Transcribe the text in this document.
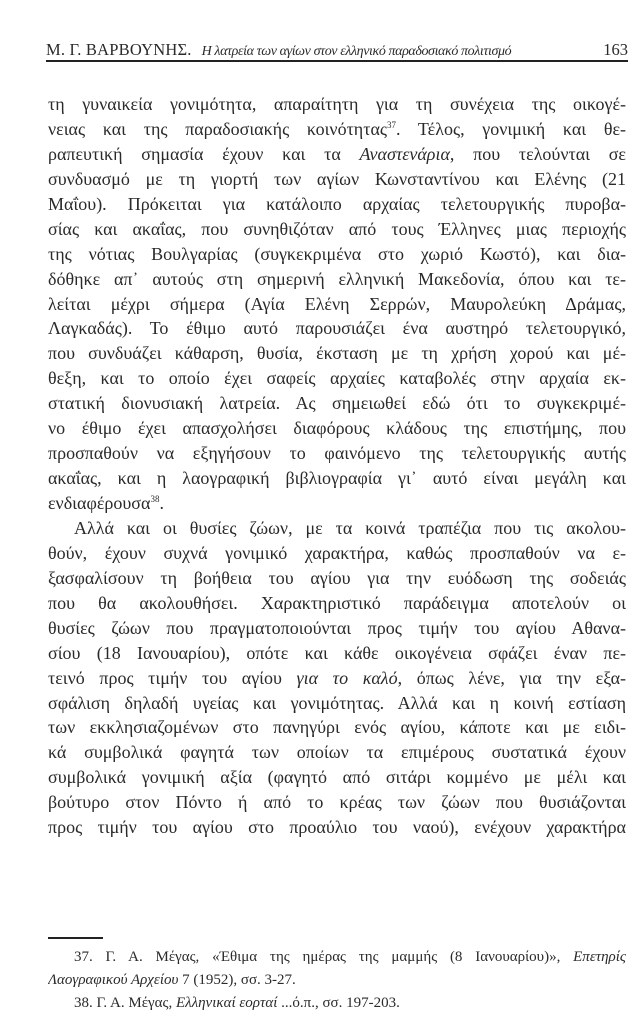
Μ. Γ. ΒΑΡΒΟΥΝΗΣ. Η λατρεία των αγίων στον ελληνικό παραδοσιακό πολιτισμό	163
τη γυναικεία γονιμότητα, απαραίτητη για τη συνέχεια της οικογέ-
νειας και της παραδοσιακής κοινότητας$^{37}$. Τέλος, γονιμική και θε-
ραπευτική σημασία έχουν και τα Αναστενάρια, που τελούνται σε
συνδυασμό με τη γιορτή των αγίων Κωνσταντίνου και Ελένης (21
Μαΐου). Πρόκειται για κατάλοιπο αρχαίας τελετουργικής πυροβα-
σίας και ακαΐας, που συνηθιζόταν από τους Έλληνες μιας περιοχής
της νότιας Βουλγαρίας (συγκεκριμένα στο χωριό Κωστό), και δια-
δόθηκε απ᾽ αυτούς στη σημερινή ελληνική Μακεδονία, όπου και τε-
λείται μέχρι σήμερα (Αγία Ελένη Σερρών, Μαυρολεύκη Δράμας,
Λαγκαδάς). Το έθιμο αυτό παρουσιάζει ένα αυστηρό τελετουργικό,
που συνδυάζει κάθαρση, θυσία, έκσταση με τη χρήση χορού και μέ-
θεξη, και το οποίο έχει σαφείς αρχαίες καταβολές στην αρχαία εκ-
στατική διονυσιακή λατρεία. Ας σημειωθεί εδώ ότι το συγκεκριμέ-
νο έθιμο έχει απασχολήσει διαφόρους κλάδους της επιστήμης, που
προσπαθούν να εξηγήσουν το φαινόμενο της τελετουργικής αυτής
ακαΐας, και η λαογραφική βιβλιογραφία γι᾽ αυτό είναι μεγάλη και
ενδιαφέρουσα$^{38}$.
Αλλά και οι θυσίες ζώων, με τα κοινά τραπέζια που τις ακολου-
θούν, έχουν συχνά γονιμικό χαρακτήρα, καθώς προσπαθούν να ε-
ξασφαλίσουν τη βοήθεια του αγίου για την ευόδωση της σοδειάς
που θα ακολουθήσει. Χαρακτηριστικό παράδειγμα αποτελούν οι
θυσίες ζώων που πραγματοποιούνται προς τιμήν του αγίου Αθανα-
σίου (18 Ιανουαρίου), οπότε και κάθε οικογένεια σφάζει έναν πε-
τεινό προς τιμήν του αγίου για το καλό, όπως λένε, για την εξα-
σφάλιση δηλαδή υγείας και γονιμότητας. Αλλά και η κοινή εστίαση
των εκκλησιαζομένων στο πανηγύρι ενός αγίου, κάποτε και με ειδι-
κά συμβολικά φαγητά των οποίων τα επιμέρους συστατικά έχουν
συμβολικά γονιμική αξία (φαγητό από σιτάρι κομμένο με μέλι και
βούτυρο στον Πόντο ή από το κρέας των ζώων που θυσιάζονται
προς τιμήν του αγίου στο προαύλιο του ναού), ενέχουν χαρακτήρα
37. Γ. Α. Μέγας, «Έθιμα της ημέρας της μαμμής (8 Ιανουαρίου)», Επετηρίς
Λαογραφικού Αρχείου 7 (1952), σσ. 3-27.
38. Γ. Α. Μέγας, Ελληνικαί εορταί ...ό.π., σσ. 197-203.
